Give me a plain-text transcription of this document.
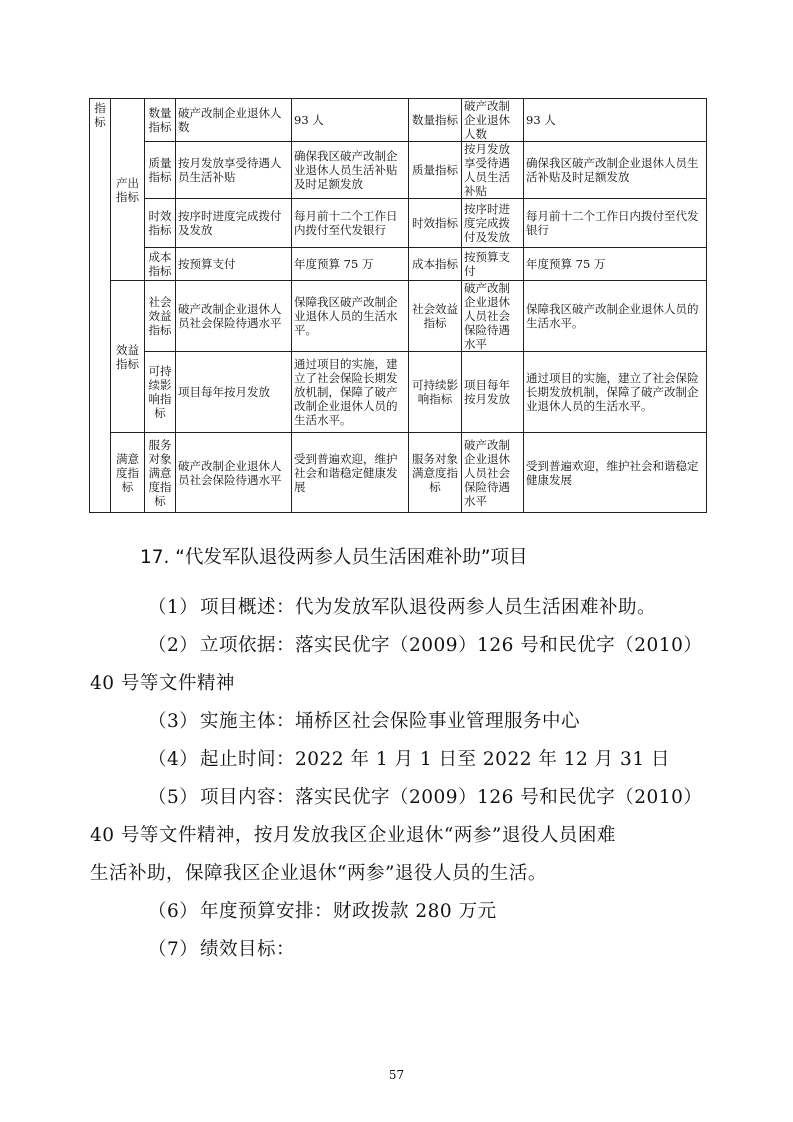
指标	产出指标	数量指标	破产改制企业退休人数	93 人	数量指标	破产改制企业退休人数	93 人
		质量指标	按月发放享受待遇人员生活补贴	确保我区破产改制企业退休人员生活补贴及时足额发放	质量指标	按月发放享受待遇人员生活补贴	确保我区破产改制企业退休人员生活补贴及时足额发放
		时效指标	按序时进度完成拨付及发放	每月前十二个工作日内拨付至代发银行	时效指标	按序时进度完成拨付及发放	每月前十二个工作日内拨付至代发银行
		成本指标	按预算支付	年度预算 75 万	成本指标	按预算支付	年度预算 75 万
	效益指标	社会效益指标	破产改制企业退休人员社会保险待遇水平	保障我区破产改制企业退休人员的生活水平。	社会效益指标	破产改制企业退休人员社会保险待遇水平	保障我区破产改制企业退休人员的生活水平。
		可持续影响指标	项目每年按月发放	通过项目的实施，建立了社会保险长期发放机制，保障了破产改制企业退休人员的生活水平。	可持续影响指标	项目每年按月发放	通过项目的实施，建立了社会保险长期发放机制，保障了破产改制企业退休人员的生活水平。
	满意度指标	服务对象满意度指标	破产改制企业退休人员社会保险待遇水平	受到普遍欢迎，维护社会和谐稳定健康发展	服务对象满意度指标	破产改制企业退休人员社会保险待遇水平	受到普遍欢迎，维护社会和谐稳定健康发展
17. “代发军队退役两参人员生活困难补助”项目
（1）项目概述：代为发放军队退役两参人员生活困难补助。
（2）立项依据：落实民优字（2009）126 号和民优字（2010）
40 号等文件精神
（3）实施主体：埇桥区社会保险事业管理服务中心
（4）起止时间：2022 年 1 月 1 日至 2022 年 12 月 31 日
（5）项目内容：落实民优字（2009）126 号和民优字（2010）
40 号等文件精神，按月发放我区企业退休“两参”退役人员困难
生活补助，保障我区企业退休“两参”退役人员的生活。
（6）年度预算安排：财政拨款 280 万元
（7）绩效目标：
57
